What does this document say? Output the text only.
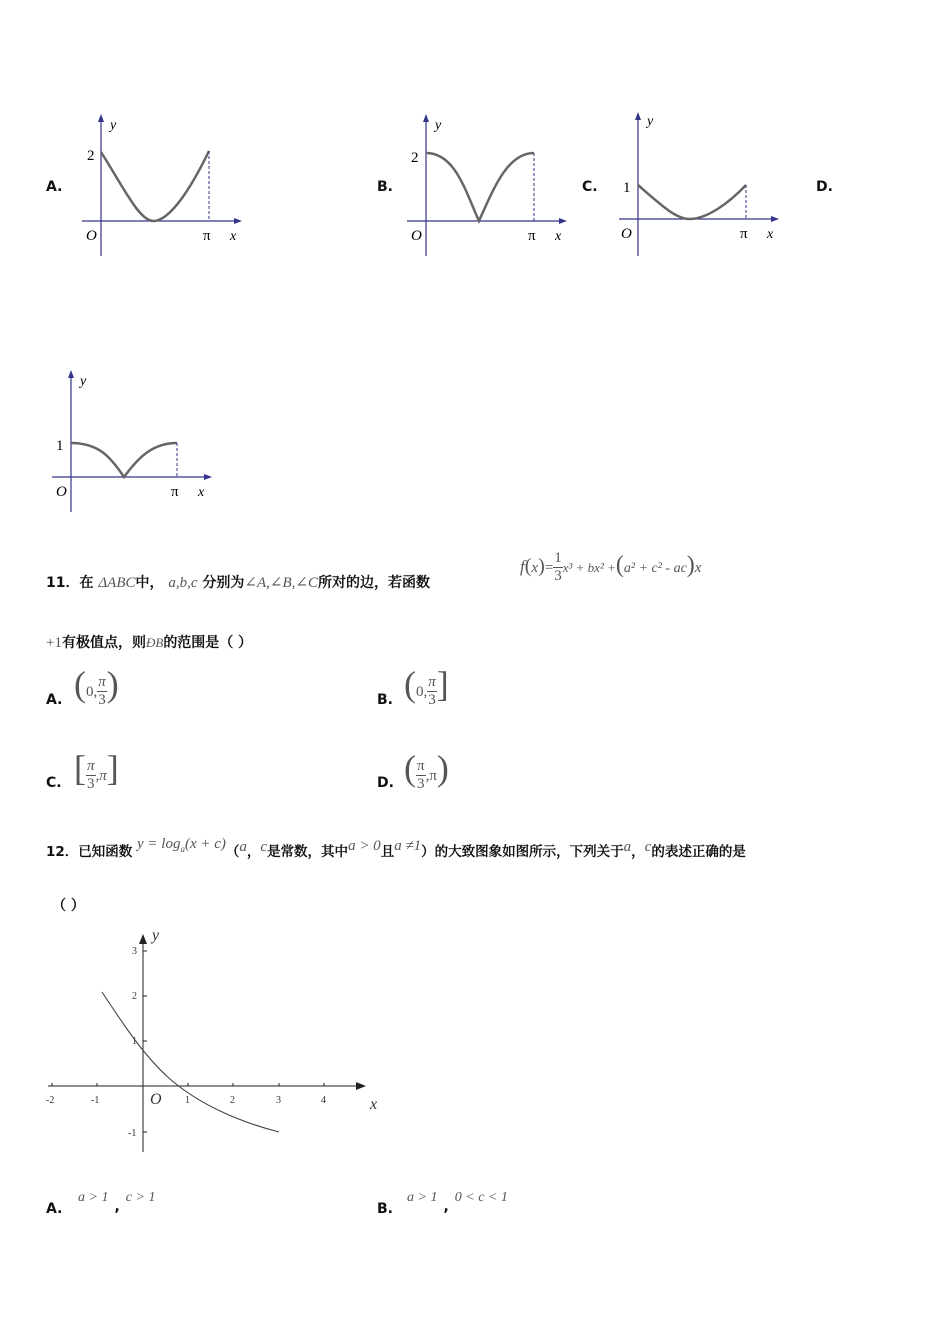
A.	B.	C.	D.
y
2
O	π x
y
2
O	π x
y
1
O	π x
y
1
O	π x
11．在 ΔABC中， a,b,c 分别为∠A,∠B,∠C所对的边，若函数
$f(x)= \frac{1}{3} x^3 + bx^2 +(a^2 + c^2 - ac)x$
+1有极值点，则ÐB的范围是（ ）
A. (0, $\frac{\pi}{3}$ )	B. (0, $\frac{\pi}{3}$ ]
C. [ $\frac{\pi}{3} ,\pi$]	D. ( $\frac{\pi}{3} ,\pi$)
12．已知函数 $y = \log_a(x + c)(a$，c是常数，其中a > 0且a ≠1）的大致图象如图所示，下列关于a，c的表述正确的是
（ ）
-2	-1	1	2	3	4
3
2
1
-1
O	x
y
A.
a > 1,c > 1
B.
a > 1,0 < c < 1
